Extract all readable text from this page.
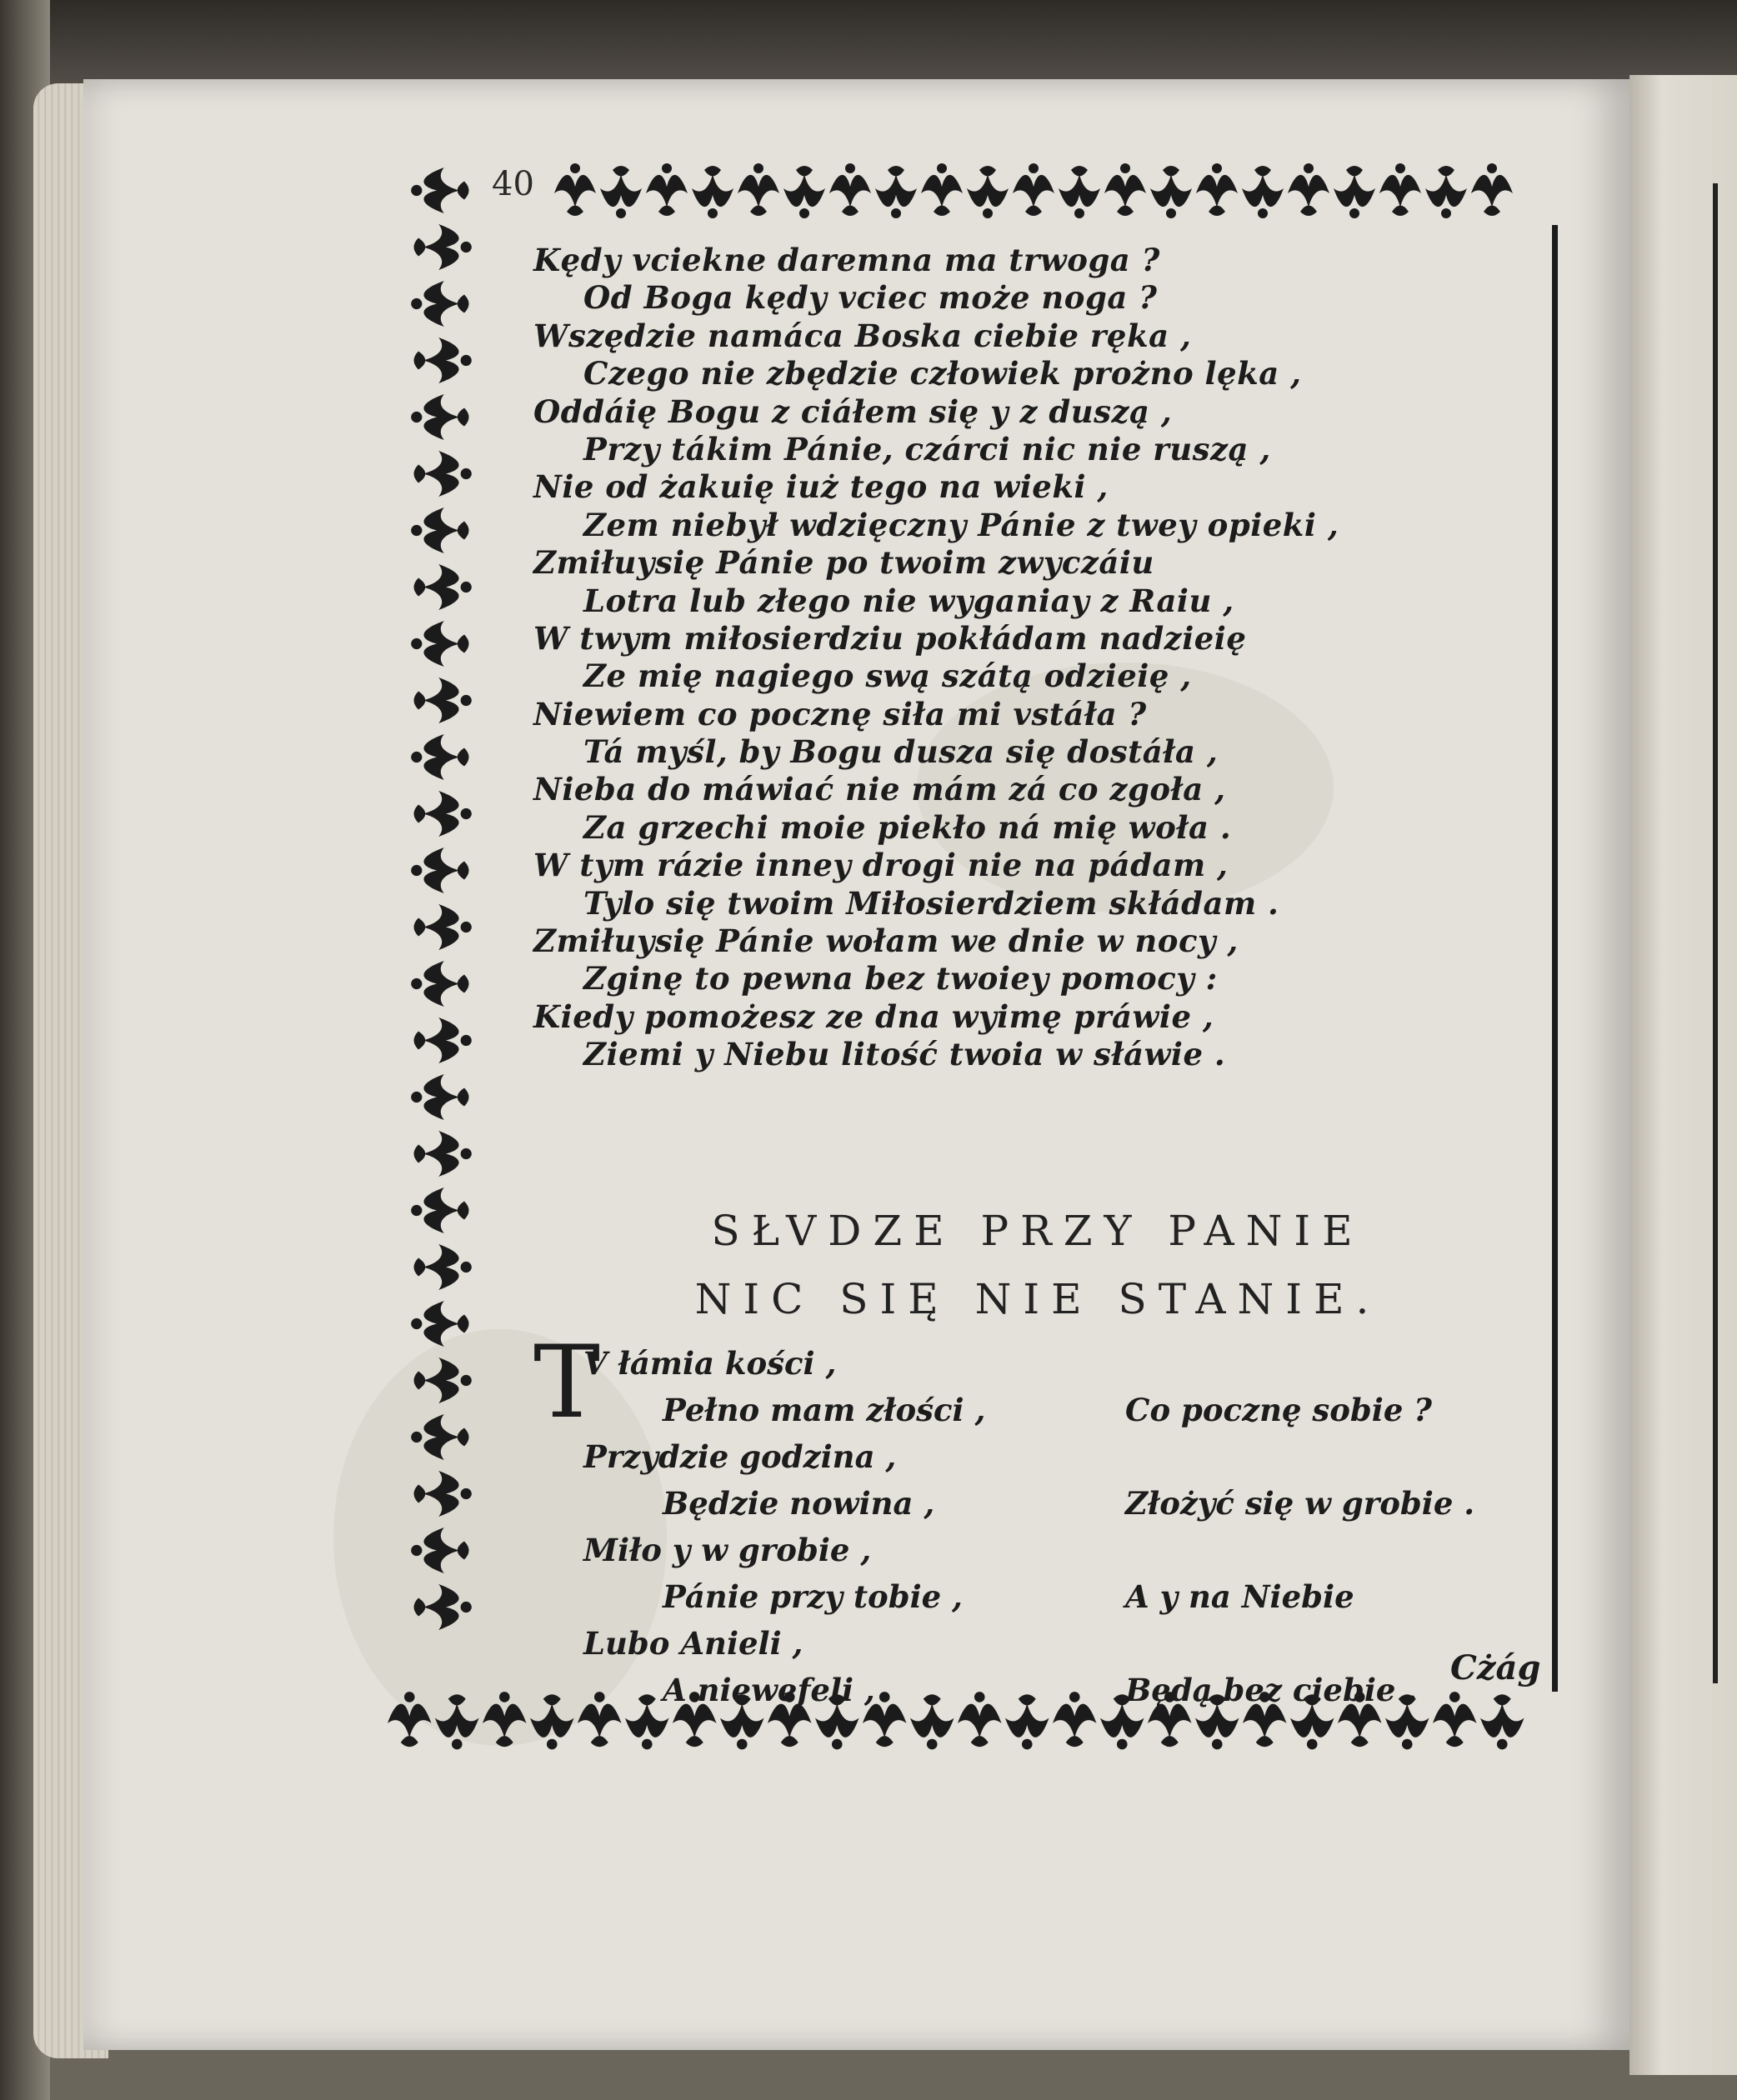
40
Kędy vciekne daremna ma trwoga ?
Od Boga kędy vciec może noga ?
Wszędzie namáca Boska ciebie ręka ,
Czego nie zbędzie człowiek prożno lęka ,
Oddáię Bogu z ciáłem się y z duszą ,
Przy tákim Pánie, czárci nic nie ruszą ,
Nie od żakuię iuż tego na wieki ,
Zem niebył wdzięczny Pánie z twey opieki ,
Zmiłuysię Pánie po twoim zwyczáiu
Lotra lub złego nie wyganiay z Raiu ,
W twym miłosierdziu pokłádam nadzieię
Ze mię nagiego swą szátą odzieię ,
Niewiem co pocznę siła mi vstáła ?
Tá myśl, by Bogu dusza się dostáła ,
Nieba do máwiać nie mám zá co zgoła ,
Za grzechi moie piekło ná mię woła .
W tym rázie inney drogi nie na pádam ,
Tylo się twoim Miłosierdziem skłádam .
Zmiłuysię Pánie wołam we dnie w nocy ,
Zginę to pewna bez twoiey pomocy :
Kiedy pomożesz ze dna wyimę práwie ,
Ziemi y Niebu litość twoia w słáwie .
SŁVDZE PRZY PANIE
NIC SIĘ NIE STANIE.
T
V łámia kości ,
Pełno mam złości ,
Przydzie godzina ,
Będzie nowina ,
Miło y w grobie ,
Pánie przy tobie ,
Lubo Anieli ,
A niewefeli ,
Co pocznę sobie ?
Złożyć się w grobie .
A y na Niebie
Będą bez ciebie .
Cżág
